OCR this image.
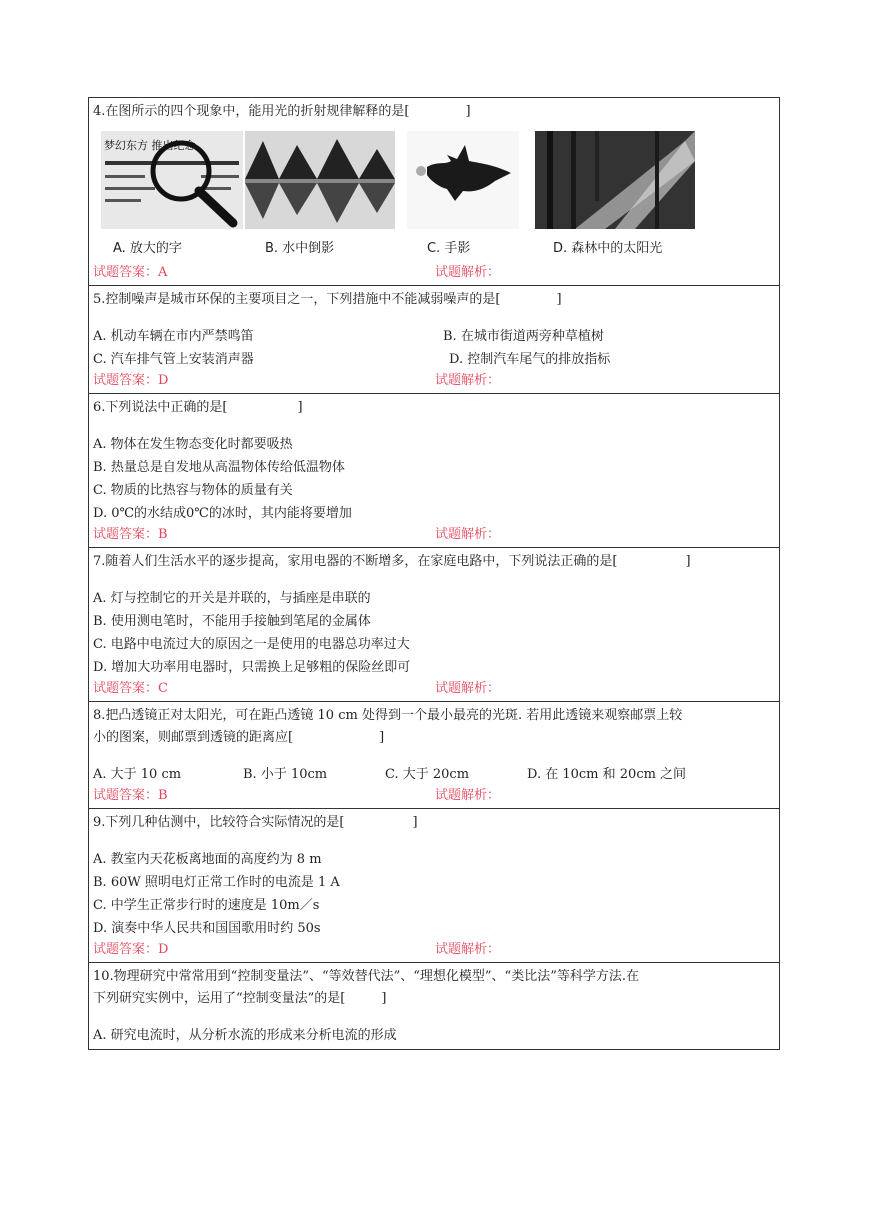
4.在图所示的四个现象中，能用光的折射规律解释的是[	]
梦幻东方 推出纪念
A. 放大的字	B. 水中倒影	C. 手影	D. 森林中的太阳光
试题答案：A	试题解析：
5.控制噪声是城市环保的主要项目之一，下列措施中不能减弱噪声的是[	]
A. 机动车辆在市内严禁鸣笛	B. 在城市街道两旁种草植树
C. 汽车排气管上安装消声器	D. 控制汽车尾气的排放指标
试题答案：D	试题解析：
6.下列说法中正确的是[	]
A. 物体在发生物态变化时都要吸热
B. 热量总是自发地从高温物体传给低温物体
C. 物质的比热容与物体的质量有关
D. 0℃的水结成0℃的冰时，其内能将要增加
试题答案：B	试题解析：
7.随着人们生活水平的逐步提高，家用电器的不断增多，在家庭电路中，下列说法正确的是[	]
A. 灯与控制它的开关是并联的，与插座是串联的
B. 使用测电笔时，不能用手接触到笔尾的金属体
C. 电路中电流过大的原因之一是使用的电器总功率过大
D. 增加大功率用电器时，只需换上足够粗的保险丝即可
试题答案：C	试题解析：
8.把凸透镜正对太阳光，可在距凸透镜 10 cm 处得到一个最小最亮的光斑. 若用此透镜来观察邮票上较
小的图案，则邮票到透镜的距离应[	]
A. 大于 10 cm	B. 小于 10cm	C. 大于 20cm	D. 在 10cm 和 20cm 之间
试题答案：B	试题解析：
9.下列几种估测中，比较符合实际情况的是[	]
A. 教室内天花板离地面的高度约为 8 m
B. 60W 照明电灯正常工作时的电流是 1 A
C. 中学生正常步行时的速度是 10m／s
D. 演奏中华人民共和国国歌用时约 50s
试题答案：D	试题解析：
10.物理研究中常常用到“控制变量法”、“等效替代法”、“理想化模型”、“类比法”等科学方法.在
下列研究实例中，运用了“控制变量法”的是[	]
A. 研究电流时，从分析水流的形成来分析电流的形成
